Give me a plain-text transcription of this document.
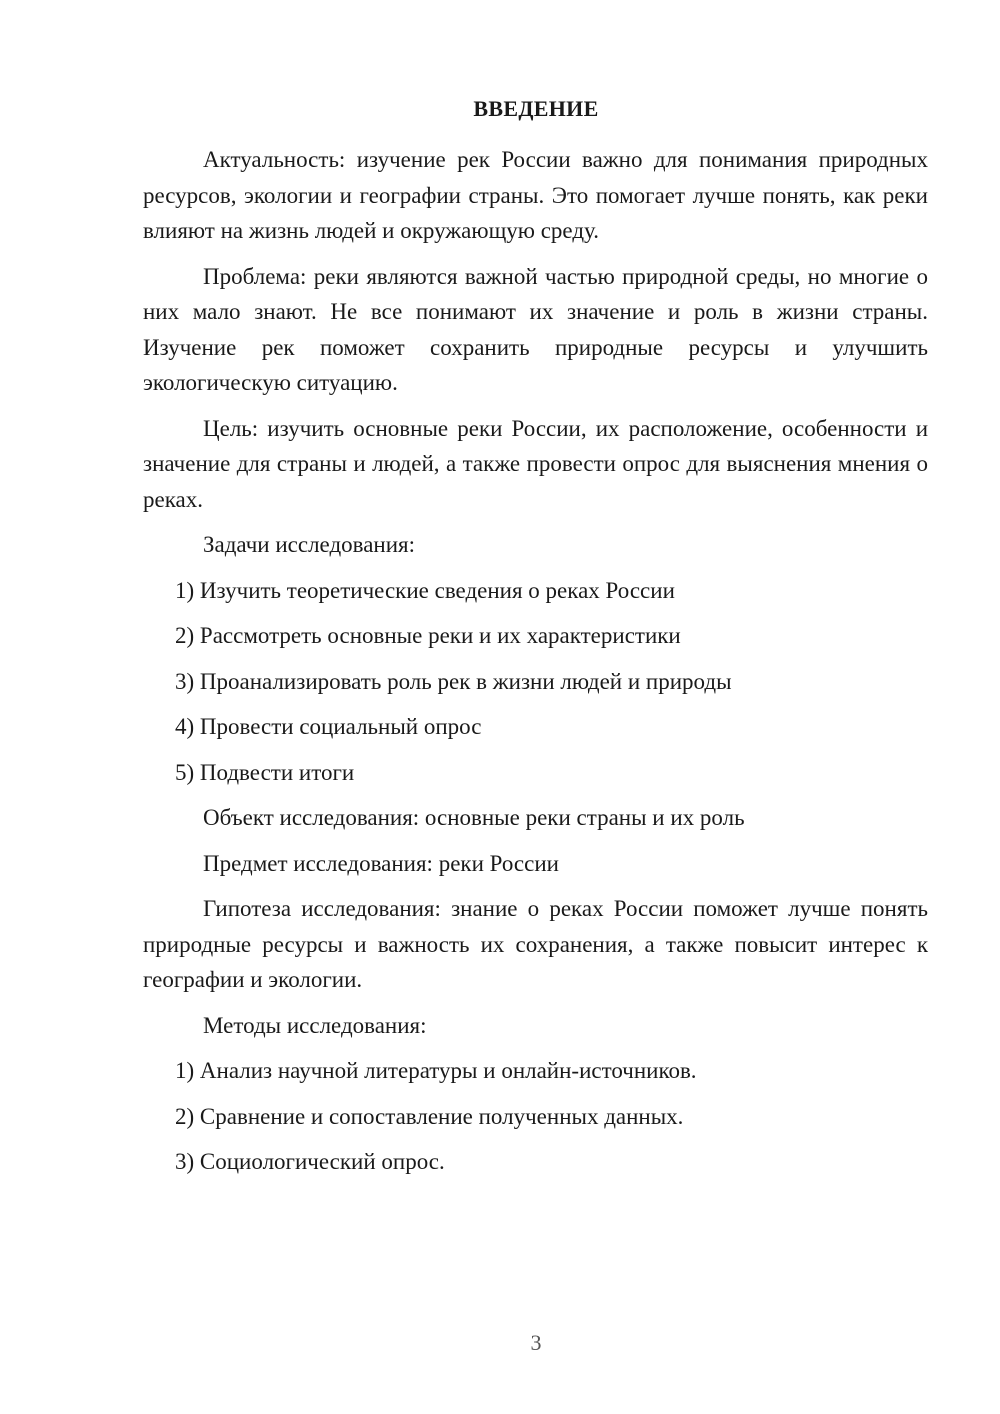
ВВЕДЕНИЕ

Актуальность: изучение рек России важно для понимания природных ресурсов, экологии и географии страны. Это помогает лучше понять, как реки влияют на жизнь людей и окружающую среду.

Проблема: реки являются важной частью природной среды, но многие о них мало знают. Не все понимают их значение и роль в жизни страны. Изучение рек поможет сохранить природные ресурсы и улучшить экологическую ситуацию.

Цель: изучить основные реки России, их расположение, особенности и значение для страны и людей, а также провести опрос для выяснения мнения о реках.

Задачи исследования:

1) Изучить теоретические сведения о реках России
2) Рассмотреть основные реки и их характеристики
3) Проанализировать роль рек в жизни людей и природы
4) Провести социальный опрос
5) Подвести итоги

Объект исследования: основные реки страны и их роль

Предмет исследования: реки России

Гипотеза исследования: знание о реках России поможет лучше понять природные ресурсы и важность их сохранения, а также повысит интерес к географии и экологии.

Методы исследования:

1) Анализ научной литературы и онлайн-источников.
2) Сравнение и сопоставление полученных данных.
3) Социологический опрос.
3
